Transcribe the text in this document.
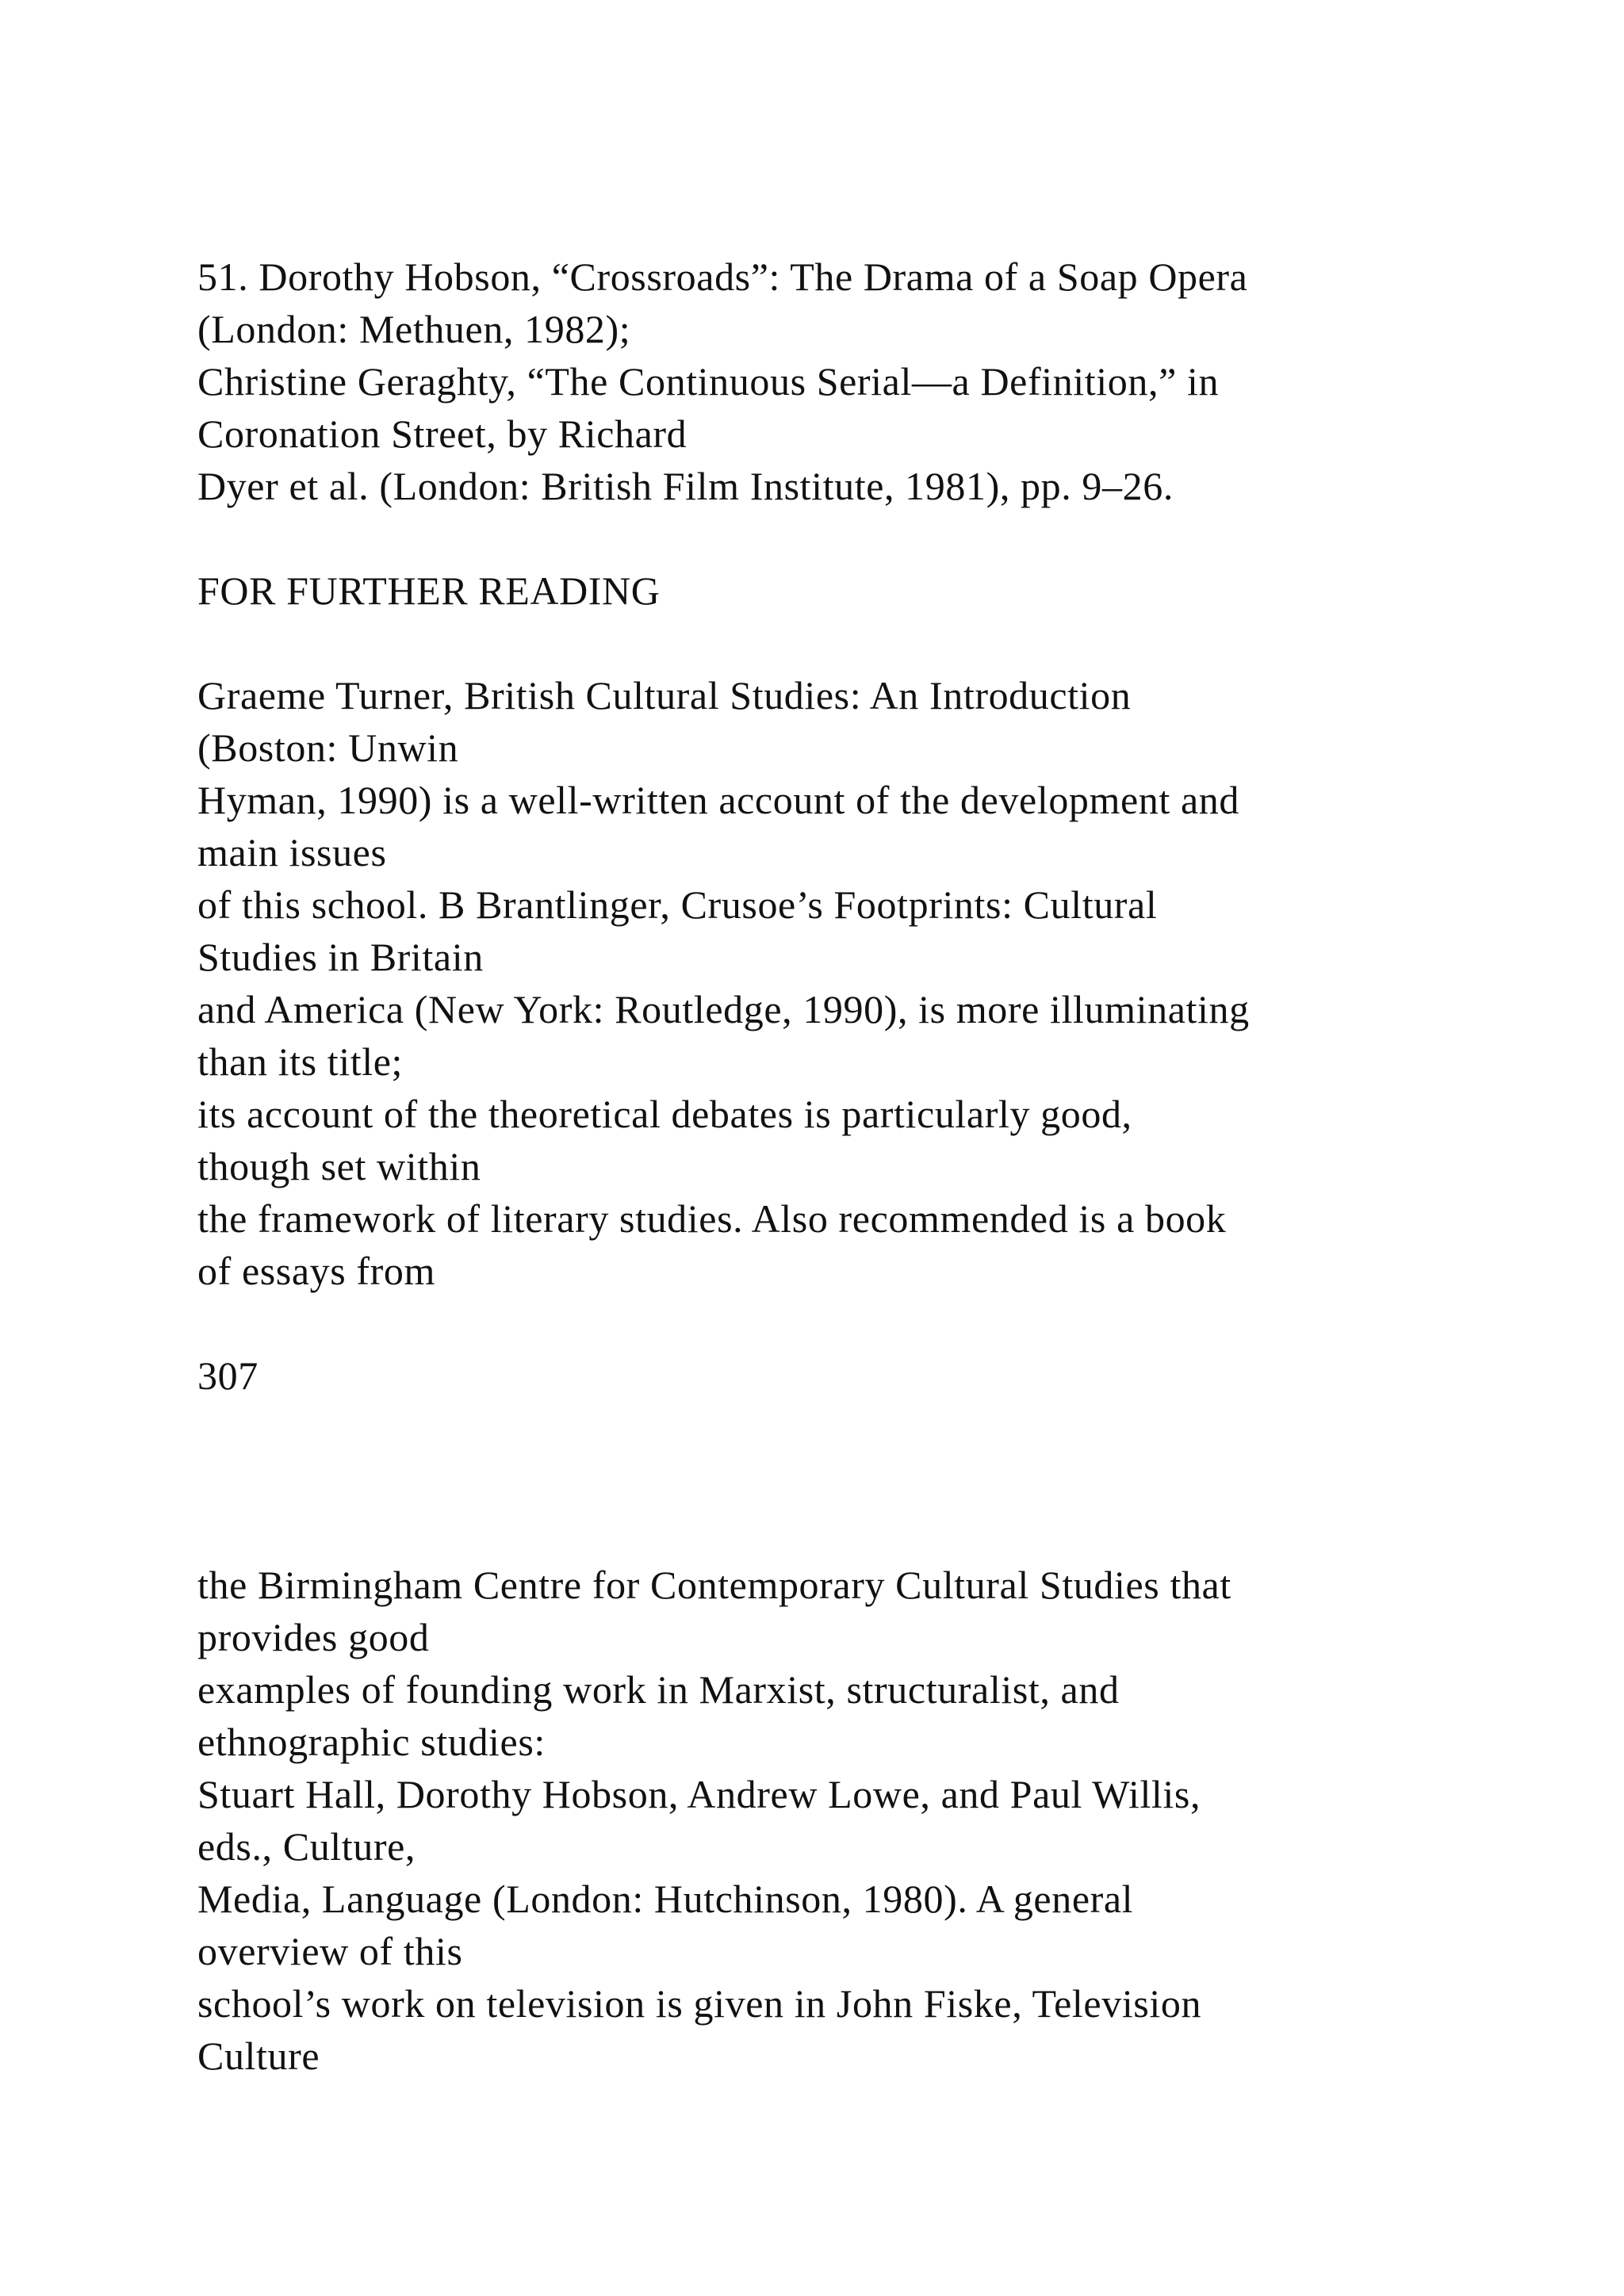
51. Dorothy Hobson, “Crossroads”: The Drama of a Soap Opera

(London: Methuen, 1982);

Christine Geraghty, “The Continuous Serial—a Definition,” in

Coronation Street, by Richard

Dyer et al. (London: British Film Institute, 1981), pp. 9–26.

FOR FURTHER READING

Graeme Turner, British Cultural Studies: An Introduction

(Boston: Unwin

Hyman, 1990) is a well-written account of the development and

main issues

of this school. B Brantlinger, Crusoe’s Footprints: Cultural

Studies in Britain

and America (New York: Routledge, 1990), is more illuminating

than its title;

its account of the theoretical debates is particularly good,

though set within

the framework of literary studies. Also recommended is a book

of essays from

307

the Birmingham Centre for Contemporary Cultural Studies that

provides good

examples of founding work in Marxist, structuralist, and

ethnographic studies:

Stuart Hall, Dorothy Hobson, Andrew Lowe, and Paul Willis,

eds., Culture,

Media, Language (London: Hutchinson, 1980). A general

overview of this

school’s work on television is given in John Fiske, Television

Culture
